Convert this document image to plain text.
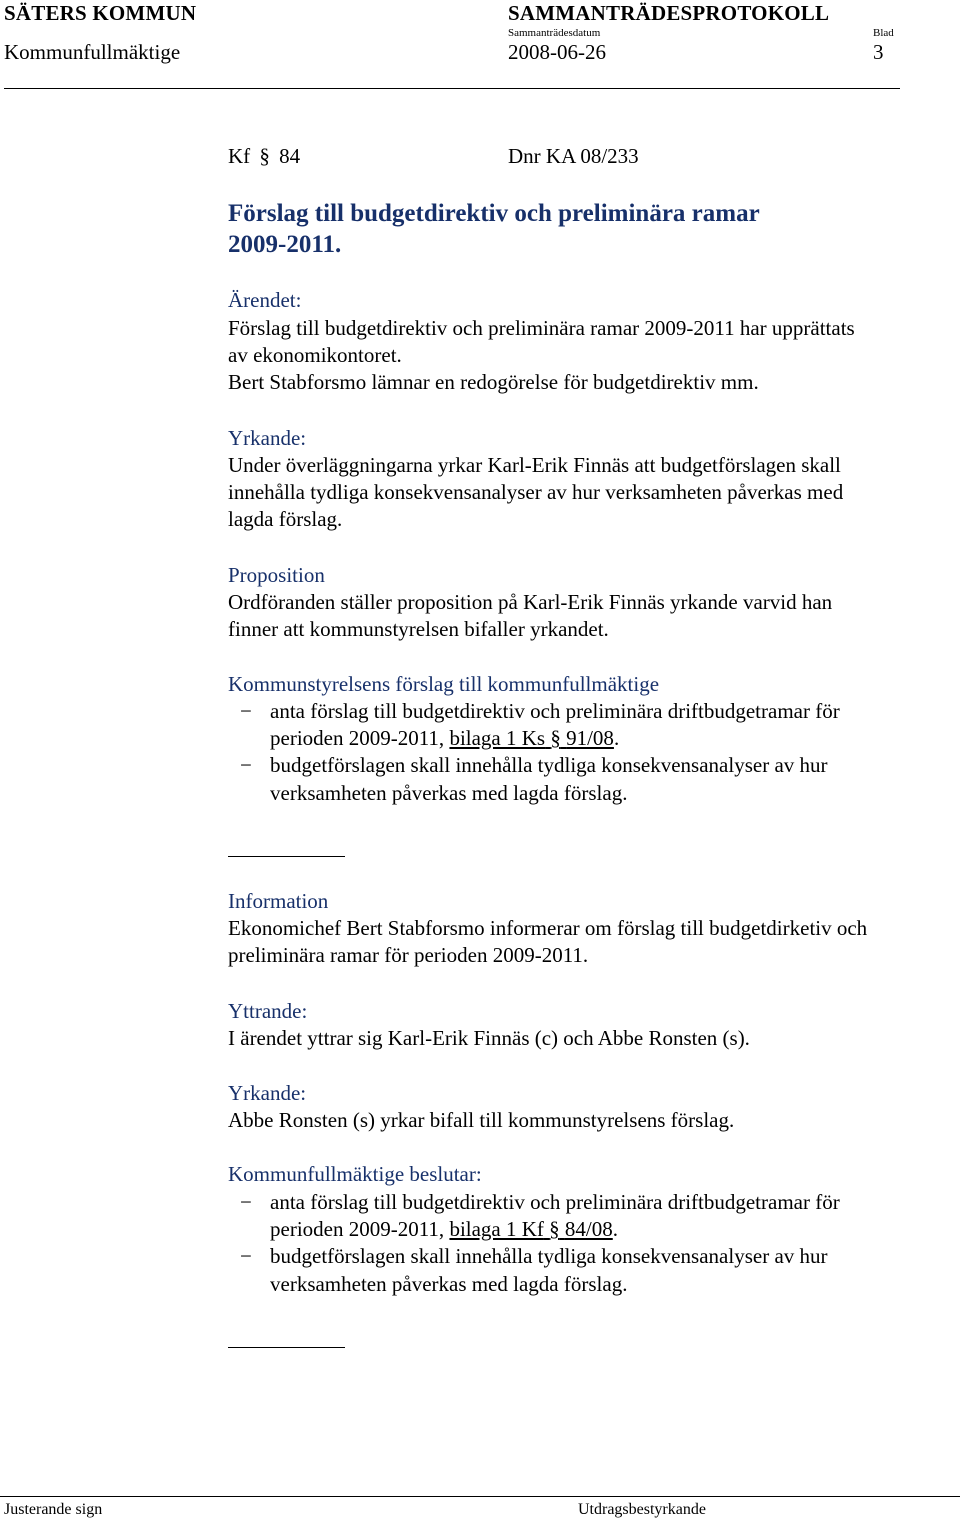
SÄTERS KOMMUN	SAMMANTRÄDESPROTOKOLL
Sammanträdesdatum	Blad
Kommunfullmäktige	2008-06-26	3
Kf § 84	Dnr KA 08/233
Förslag till budgetdirektiv och preliminära ramar
2009-2011.
Ärendet:
Förslag till budgetdirektiv och preliminära ramar 2009-2011 har upprättats
av ekonomikontoret.
Bert Stabforsmo lämnar en redogörelse för budgetdirektiv mm.
Yrkande:
Under överläggningarna yrkar Karl-Erik Finnäs att budgetförslagen skall
innehålla tydliga konsekvensanalyser av hur verksamheten påverkas med
lagda förslag.
Proposition
Ordföranden ställer proposition på Karl-Erik Finnäs yrkande varvid han
finner att kommunstyrelsen bifaller yrkandet.
Kommunstyrelsens förslag till kommunfullmäktige
− anta förslag till budgetdirektiv och preliminära driftbudgetramar för
perioden 2009-2011, bilaga 1 Ks § 91/08.
− budgetförslagen skall innehålla tydliga konsekvensanalyser av hur
verksamheten påverkas med lagda förslag.
Information
Ekonomichef Bert Stabforsmo informerar om förslag till budgetdirketiv och
preliminära ramar för perioden 2009-2011.
Yttrande:
I ärendet yttrar sig Karl-Erik Finnäs (c) och Abbe Ronsten (s).
Yrkande:
Abbe Ronsten (s) yrkar bifall till kommunstyrelsens förslag.
Kommunfullmäktige beslutar:
− anta förslag till budgetdirektiv och preliminära driftbudgetramar för
perioden 2009-2011, bilaga 1 Kf § 84/08.
− budgetförslagen skall innehålla tydliga konsekvensanalyser av hur
verksamheten påverkas med lagda förslag.
Justerande sign	Utdragsbestyrkande
